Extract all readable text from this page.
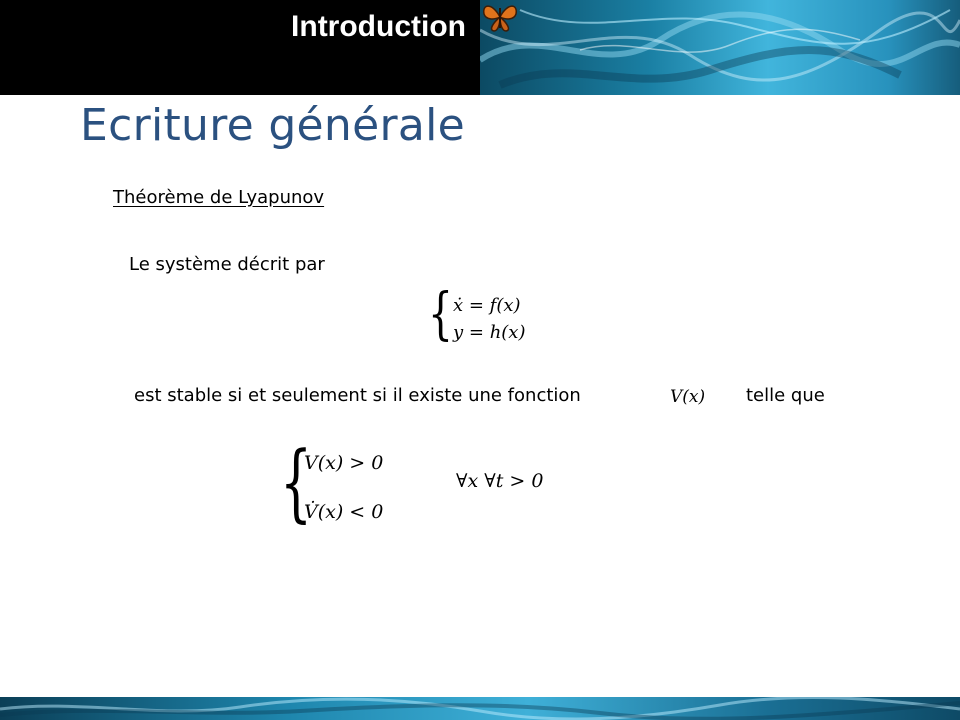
Introduction
Ecriture générale
Théorème de Lyapunov
Le système décrit par
{ ẋ = f(x)
y = h(x)
est stable si et seulement si il existe une fonction	V(x) telle que
{
V(x) > 0
V̇(x) < 0
∀x ∀t > 0
